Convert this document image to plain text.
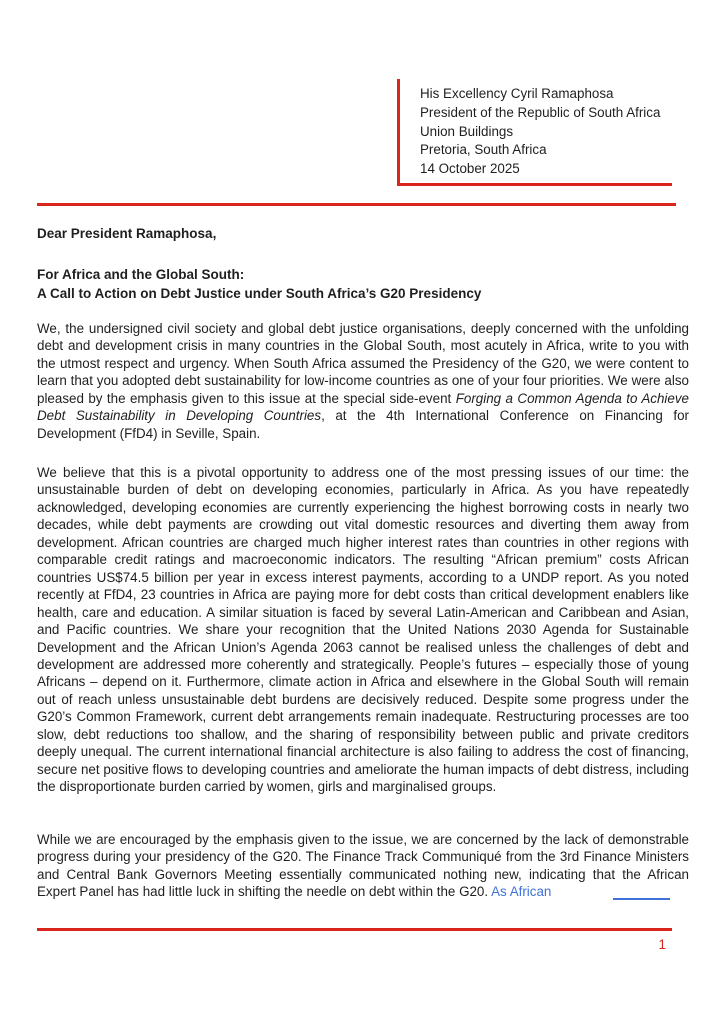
His Excellency Cyril Ramaphosa
President of the Republic of South Africa
Union Buildings
Pretoria, South Africa
14 October 2025
Dear President Ramaphosa,
For Africa and the Global South:
A Call to Action on Debt Justice under South Africa’s G20 Presidency

We, the undersigned civil society and global debt justice organisations, deeply concerned with the unfolding debt and development crisis in many countries in the Global South, most acutely in Africa, write to you with the utmost respect and urgency. When South Africa assumed the Presidency of the G20, we were content to learn that you adopted debt sustainability for low-income countries as one of your four priorities. We were also pleased by the emphasis given to this issue at the special side-event Forging a Common Agenda to Achieve Debt Sustainability in Developing Countries, at the 4th International Conference on Financing for Development (FfD4) in Seville, Spain.

We believe that this is a pivotal opportunity to address one of the most pressing issues of our time: the unsustainable burden of debt on developing economies, particularly in Africa. As you have repeatedly acknowledged, developing economies are currently experiencing the highest borrowing costs in nearly two decades, while debt payments are crowding out vital domestic resources and diverting them away from development. African countries are charged much higher interest rates than countries in other regions with comparable credit ratings and macroeconomic indicators. The resulting “African premium” costs African countries US$74.5 billion per year in excess interest payments, according to a UNDP report. As you noted recently at FfD4, 23 countries in Africa are paying more for debt costs than critical development enablers like health, care and education. A similar situation is faced by several Latin-American and Caribbean and Asian, and Pacific countries. We share your recognition that the United Nations 2030 Agenda for Sustainable Development and the African Union’s Agenda 2063 cannot be realised unless the challenges of debt and development are addressed more coherently and strategically. People’s futures – especially those of young Africans – depend on it. Furthermore, climate action in Africa and elsewhere in the Global South will remain out of reach unless unsustainable debt burdens are decisively reduced. Despite some progress under the G20’s Common Framework, current debt arrangements remain inadequate. Restructuring processes are too slow, debt reductions too shallow, and the sharing of responsibility between public and private creditors deeply unequal. The current international financial architecture is also failing to address the cost of financing, secure net positive flows to developing countries and ameliorate the human impacts of debt distress, including the disproportionate burden carried by women, girls and marginalised groups.

While we are encouraged by the emphasis given to the issue, we are concerned by the lack of demonstrable progress during your presidency of the G20. The Finance Track Communiqué from the 3rd Finance Ministers and Central Bank Governors Meeting essentially communicated nothing new, indicating that the African Expert Panel has had little luck in shifting the needle on debt within the G20. As African

1
